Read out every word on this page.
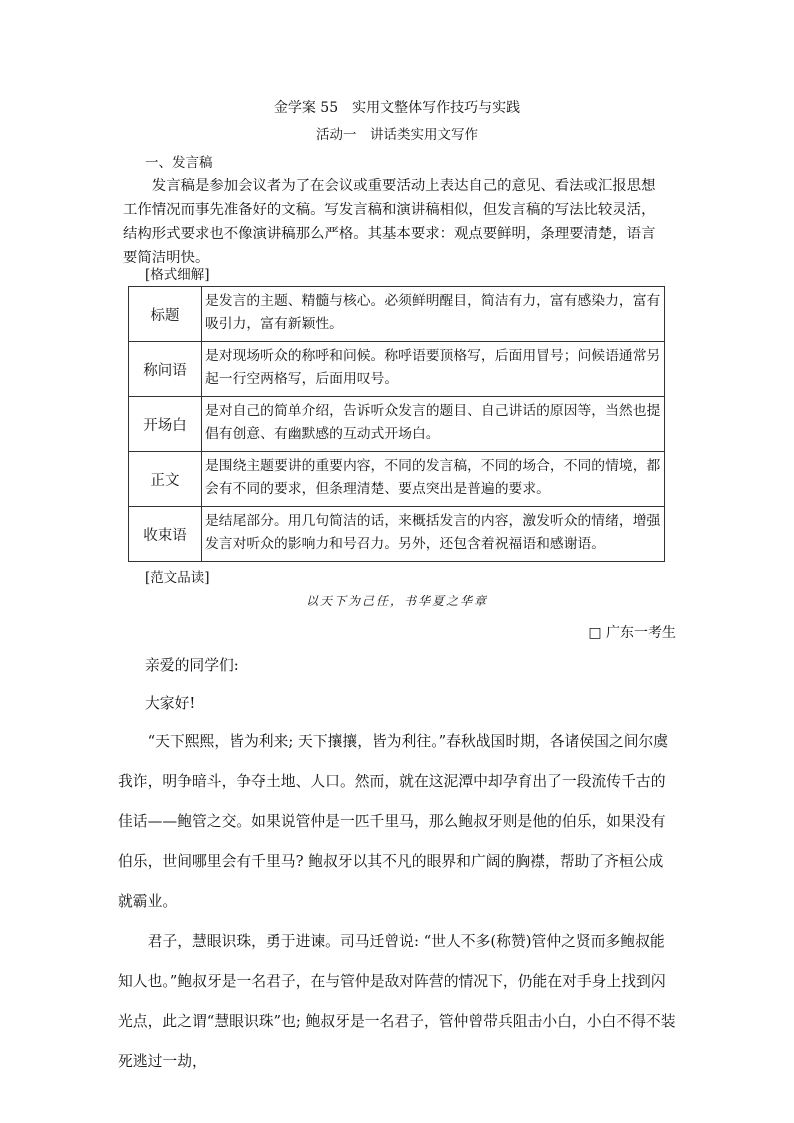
金学案 55　实用文整体写作技巧与实践
活动一　讲话类实用文写作
一、发言稿
发言稿是参加会议者为了在会议或重要活动上表达自己的意见、看法或汇报思想工作情况而事先准备好的文稿。写发言稿和演讲稿相似，但发言稿的写法比较灵活，结构形式要求也不像演讲稿那么严格。其基本要求：观点要鲜明，条理要清楚，语言要简洁明快。
[格式细解]
标题	是发言的主题、精髓与核心。必须鲜明醒目，简洁有力，富有感染力，富有吸引力，富有新颖性。
称问语	是对现场听众的称呼和问候。称呼语要顶格写，后面用冒号；问候语通常另起一行空两格写，后面用叹号。
开场白	是对自己的简单介绍，告诉听众发言的题目、自己讲话的原因等，当然也提倡有创意、有幽默感的互动式开场白。
正文	是围绕主题要讲的重要内容，不同的发言稿，不同的场合，不同的情境，都会有不同的要求，但条理清楚、要点突出是普遍的要求。
收束语	是结尾部分。用几句简洁的话，来概括发言的内容，激发听众的情绪，增强发言对听众的影响力和号召力。另外，还包含着祝福语和感谢语。
[范文品读]
以天下为己任，书华夏之华章
□ 广东一考生
亲爱的同学们:
大家好!

“天下熙熙，皆为利来; 天下攘攘，皆为利往。”春秋战国时期，各诸侯国之间尔虞我诈，明争暗斗，争夺土地、人口。然而，就在这泥潭中却孕育出了一段流传千古的佳话——鲍管之交。如果说管仲是一匹千里马，那么鲍叔牙则是他的伯乐，如果没有伯乐，世间哪里会有千里马? 鲍叔牙以其不凡的眼界和广阔的胸襟，帮助了齐桓公成就霸业。

君子，慧眼识珠，勇于进谏。司马迁曾说: “世人不多(称赞)管仲之贤而多鲍叔能知人也。”鲍叔牙是一名君子，在与管仲是敌对阵营的情况下，仍能在对手身上找到闪光点，此之谓“慧眼识珠”也; 鲍叔牙是一名君子，管仲曾带兵阻击小白，小白不得不装死逃过一劫，
